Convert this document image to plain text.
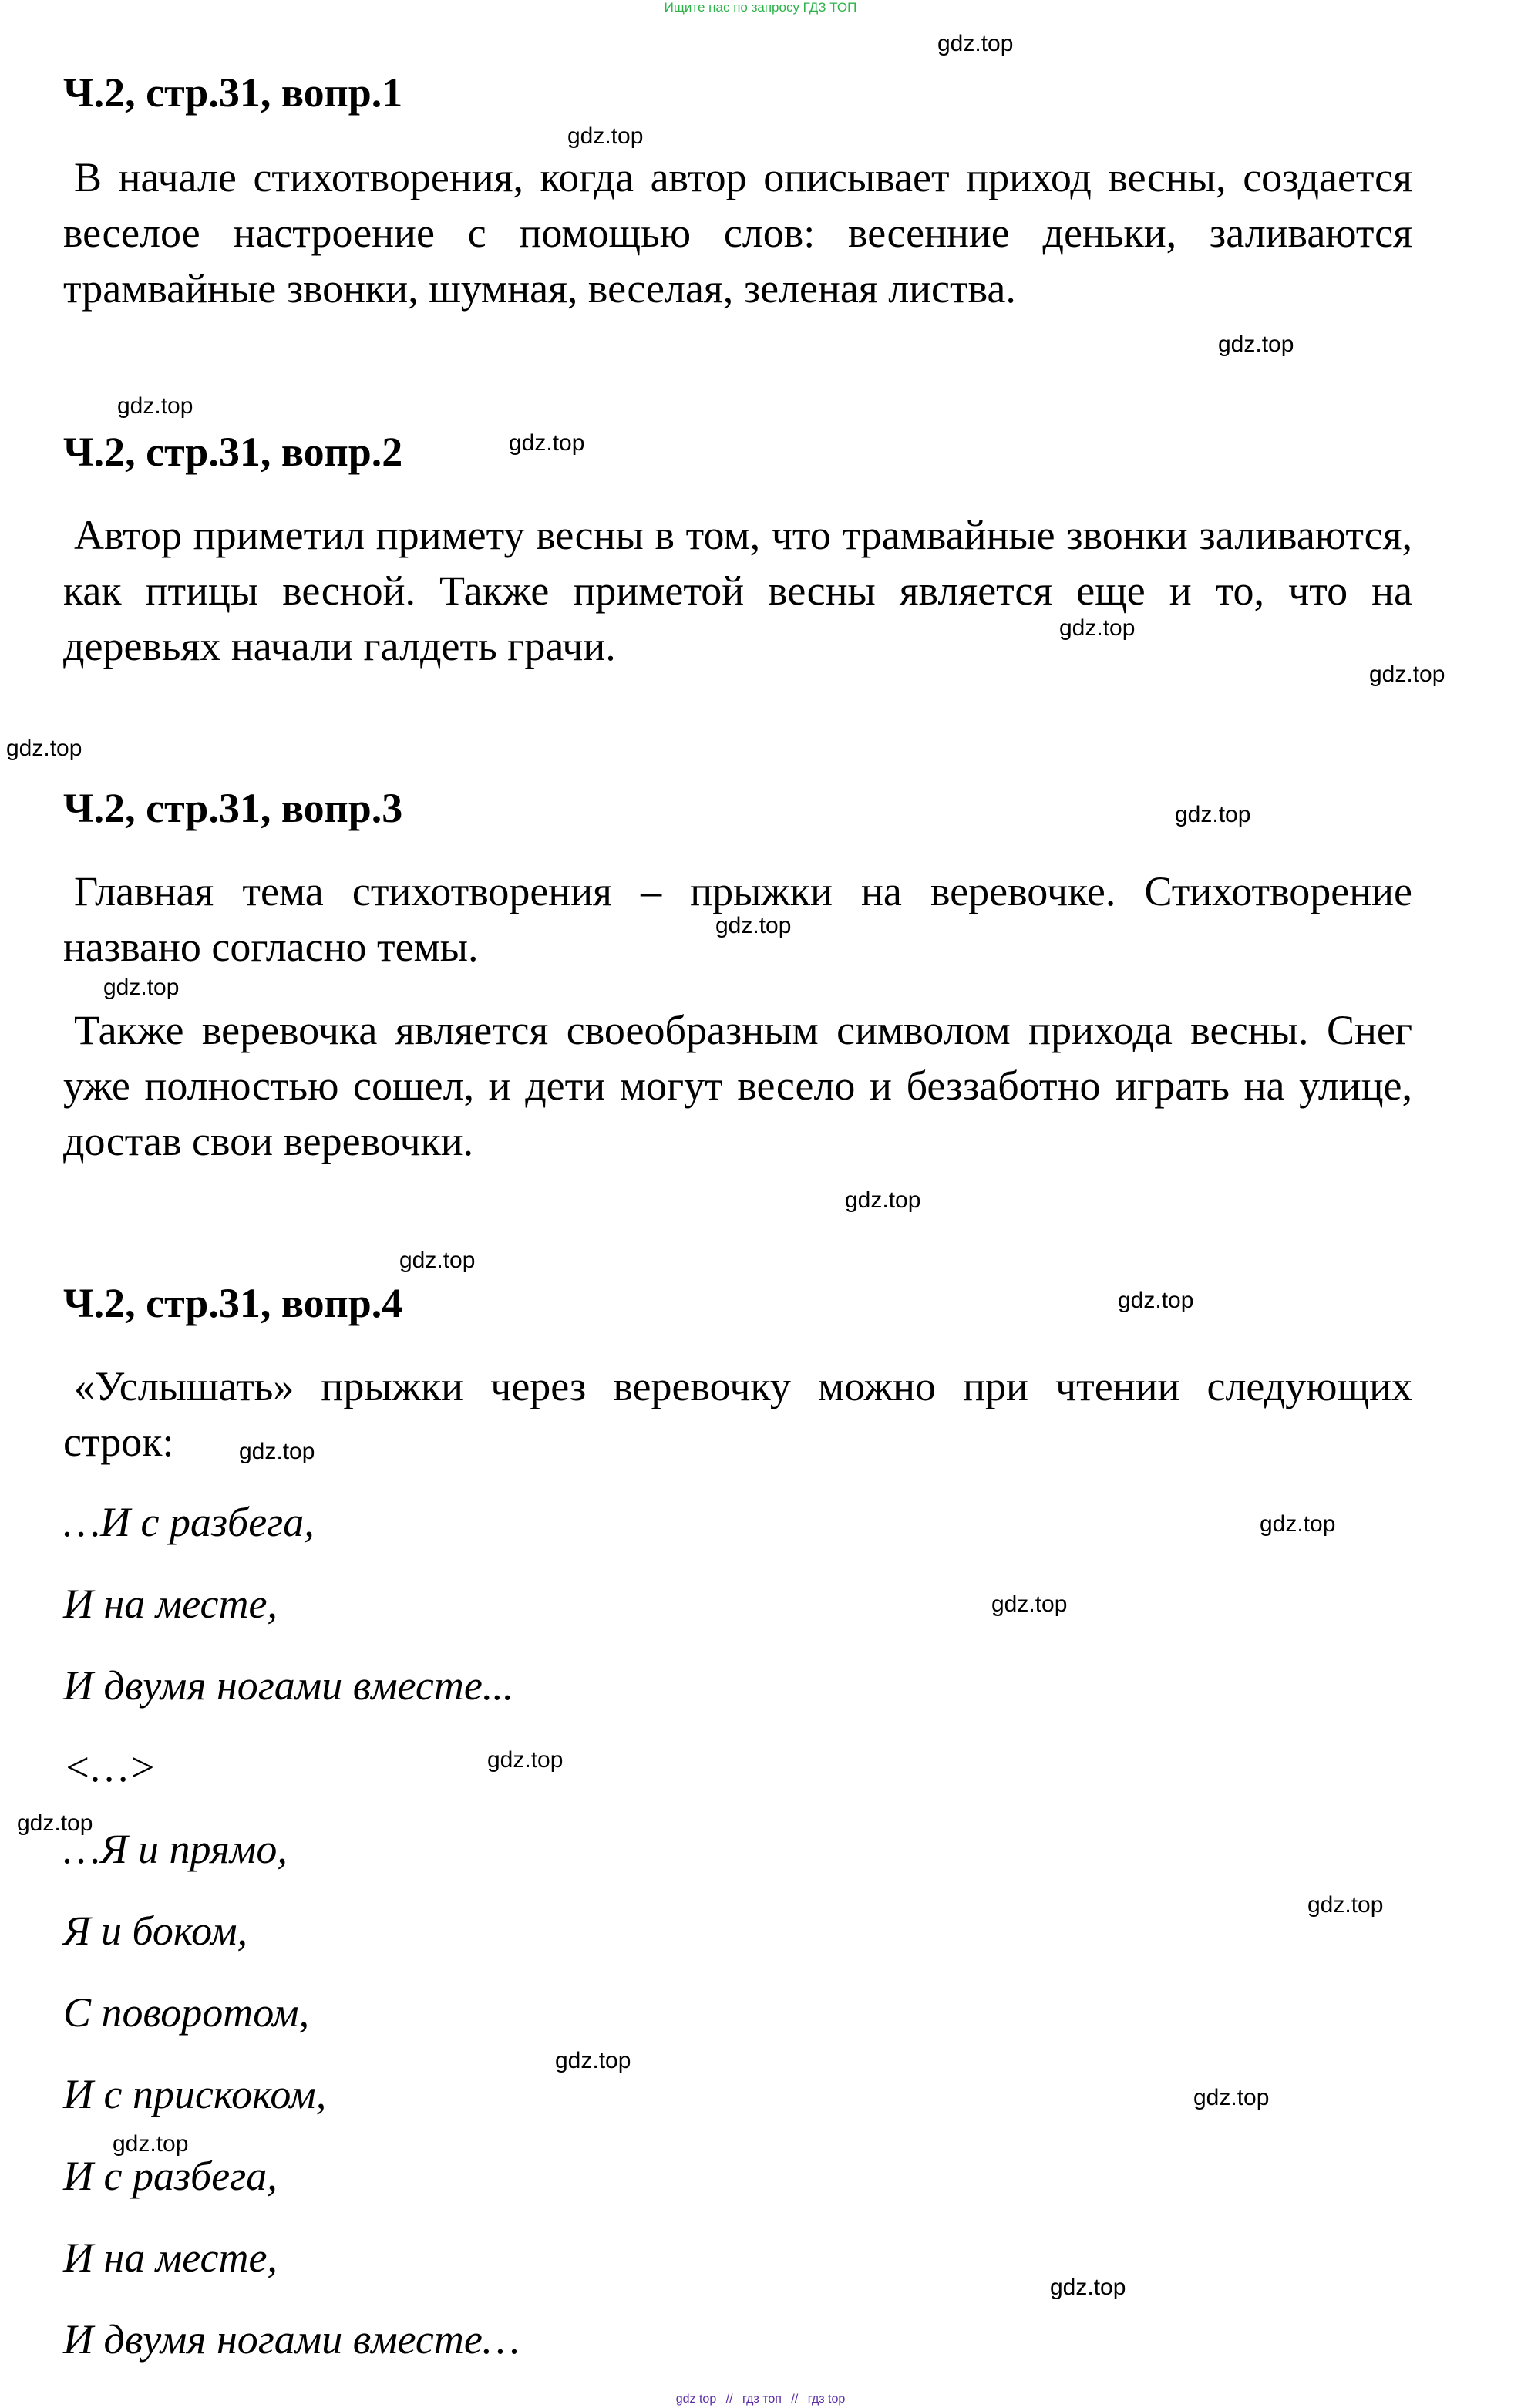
Ищите нас по запросу ГДЗ ТОП
Ч.2, стр.31, вопр.1

В начале стихотворения, когда автор описывает приход весны, создается веселое настроение с помощью слов: весенние деньки, заливаются трамвайные звонки, шумная, веселая, зеленая листва.

Ч.2, стр.31, вопр.2

Автор приметил примету весны в том, что трамвайные звонки заливаются, как птицы весной. Также приметой весны является еще и то, что на деревьях начали галдеть грачи.

Ч.2, стр.31, вопр.3

Главная тема стихотворения – прыжки на веревочке. Стихотворение названо согласно темы.

Также веревочка является своеобразным символом прихода весны. Снег уже полностью сошел, и дети могут весело и беззаботно играть на улице, достав свои веревочки.

Ч.2, стр.31, вопр.4

«Услышать» прыжки через веревочку можно при чтении следующих строк:

…И с разбега,

И на месте,

И двумя ногами вместе...

<…>

…Я и прямо,

Я и боком,

С поворотом,

И с прискоком,

И с разбега,

И на месте,

И двумя ногами вместе…

gdz.top
gdz.top
gdz.top
gdz.top
gdz.top
gdz.top
gdz.top
gdz.top
gdz.top
gdz.top
gdz.top
gdz.top
gdz.top
gdz.top
gdz.top
gdz.top
gdz.top
gdz.top
gdz.top
gdz.top
gdz.top
gdz.top
gdz.top
gdz.top
gdz top // гдз топ // гдз top
